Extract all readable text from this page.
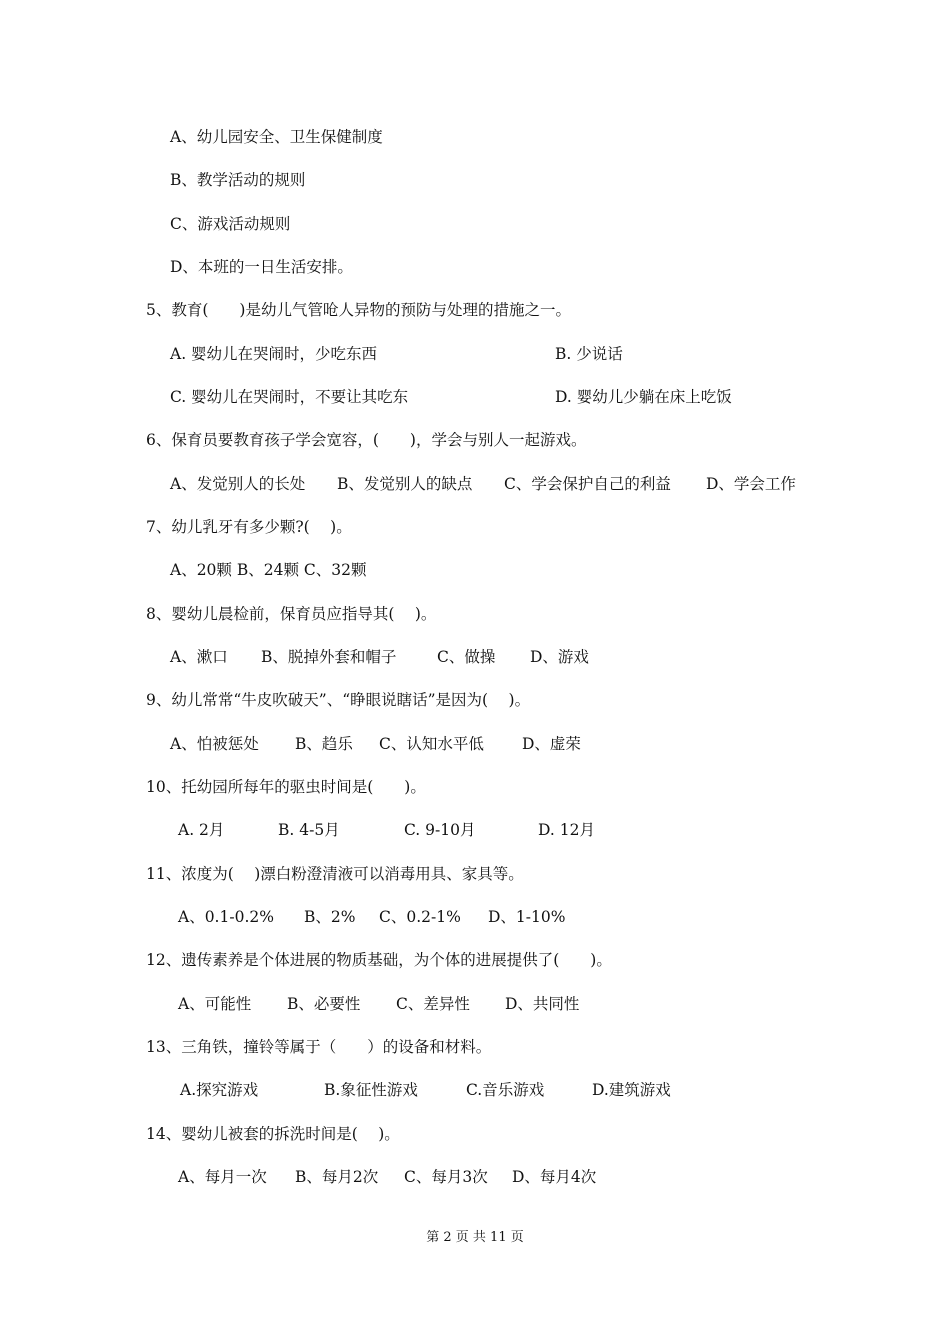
A、幼儿园安全、卫生保健制度
B、教学活动的规则
C、游戏活动规则
D、本班的一日生活安排。
5、教育(　　)是幼儿气管呛人异物的预防与处理的措施之一。

A. 婴幼儿在哭闹时，少吃东西

	B. 少说话

C. 婴幼儿在哭闹时，不要让其吃东

	D. 婴幼儿少躺在床上吃饭

6、保育员要教育孩子学会宽容，(　　)，学会与别人一起游戏。

A、发觉别人的长处

B、发觉别人的缺点

C、学会保护自己的利益

D、学会工作

7、幼儿乳牙有多少颗?(　 )。
A、20颗 B、24颗 C、32颗
8、婴幼儿晨检前，保育员应指导其(　 )。

A、漱口

B、脱掉外套和帽子

	C、做操

D、游戏

9、幼儿常常“牛皮吹破天”、“睁眼说瞎话”是因为(　 )。

A、怕被惩处

B、趋乐

C、认知水平低

D、虚荣

10、托幼园所每年的驱虫时间是(　　)。

A. 2月

	B. 4-5月

	C. 9-10月

	D. 12月

11、浓度为(　 )漂白粉澄清液可以消毒用具、家具等。

A、0.1-0.2%

B、2%

C、0.2-1%

D、1-10%

12、遗传素养是个体进展的物质基础，为个体的进展提供了(　　)。

A、可能性

B、必要性

C、差异性

D、共同性

13、三角铁，撞铃等属于（　　）的设备和材料。

A.探究游戏

	B.象征性游戏

	C.音乐游戏

	D.建筑游戏

14、婴幼儿被套的拆洗时间是(　 )。

A、每月一次

B、每月2次

C、每月3次

D、每月4次

第 2 页 共 11 页
